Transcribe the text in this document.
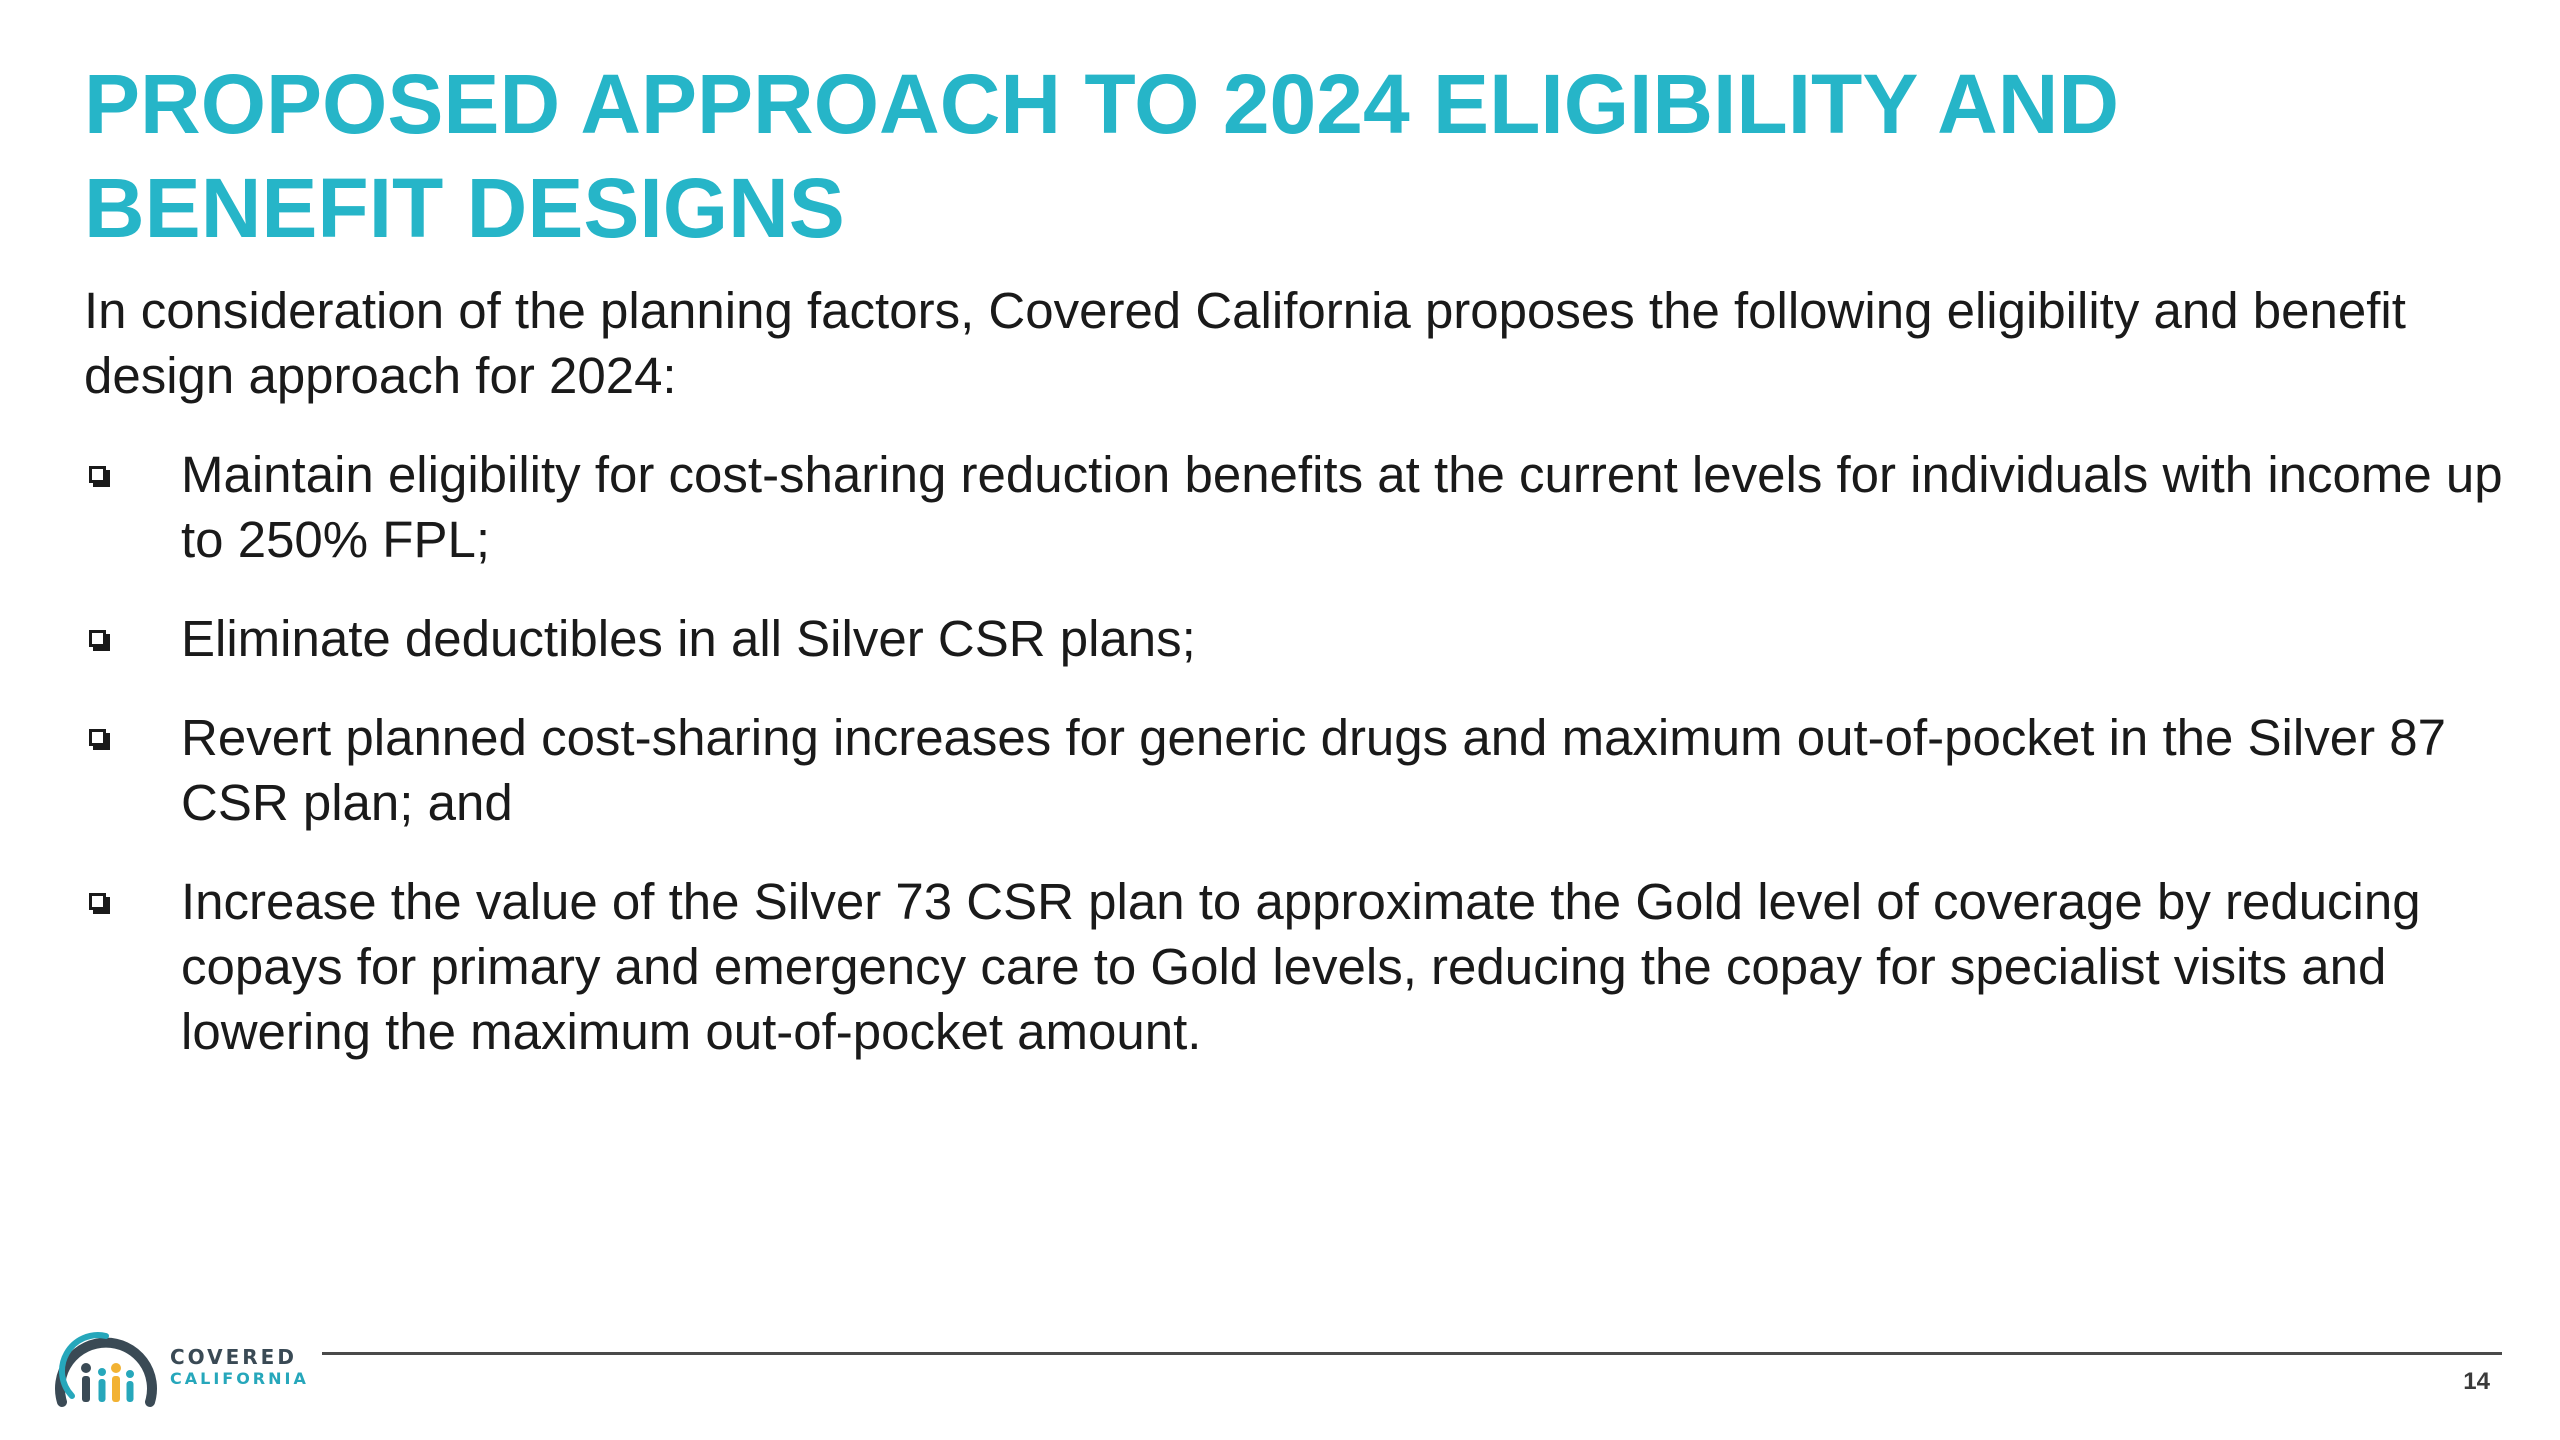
PROPOSED APPROACH TO 2024 ELIGIBILITY AND BENEFIT DESIGNS

In consideration of the planning factors, Covered California proposes the following eligibility and benefit design approach for 2024:

Maintain eligibility for cost-sharing reduction benefits at the current levels for individuals with income up to 250% FPL;
Eliminate deductibles in all Silver CSR plans;
Revert planned cost-sharing increases for generic drugs and maximum out-of-pocket in the Silver 87 CSR plan; and
Increase the value of the Silver 73 CSR plan to approximate the Gold level of coverage by reducing copays for primary and emergency care to Gold levels, reducing the copay for specialist visits and lowering the maximum out-of-pocket amount.
COVERED
CALIFORNIA	14
